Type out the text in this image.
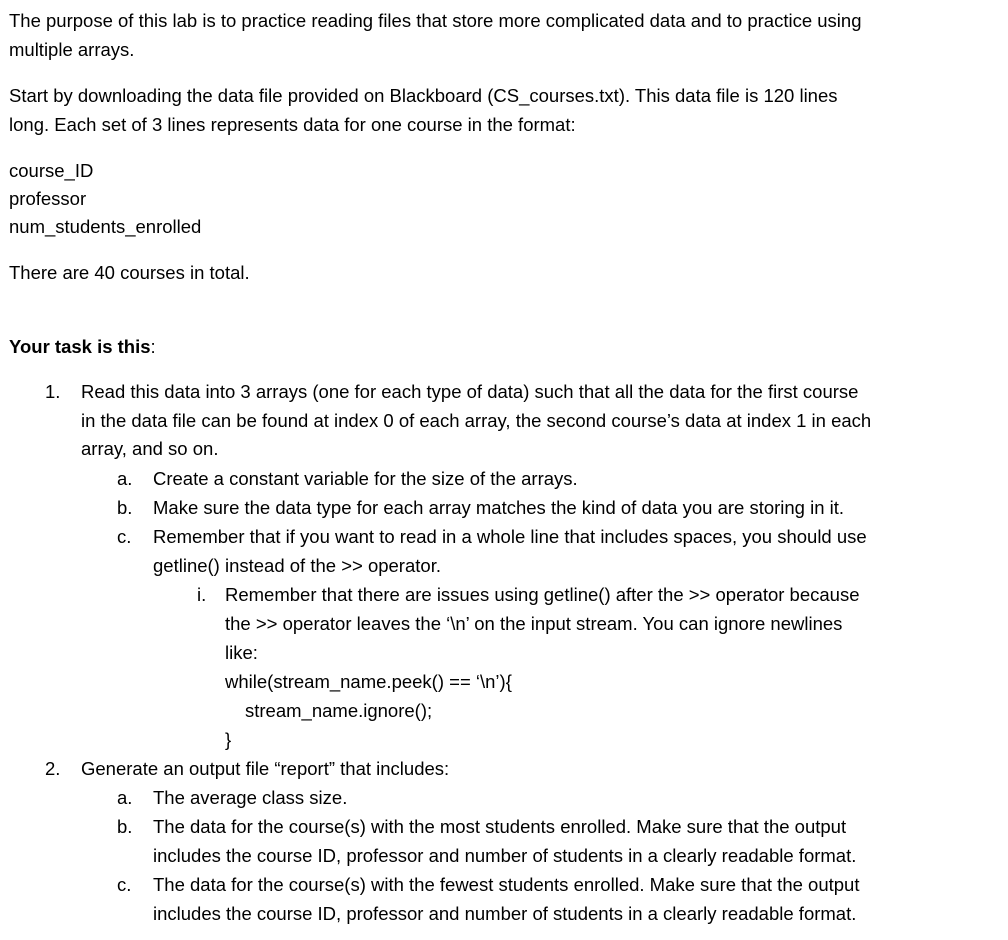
The purpose of this lab is to practice reading files that store more complicated data and to practice using
multiple arrays.
Start by downloading the data file provided on Blackboard (CS_courses.txt). This data file is 120 lines
long. Each set of 3 lines represents data for one course in the format:
course_ID
professor
num_students_enrolled
There are 40 courses in total.
Your task is this:
1. Read this data into 3 arrays (one for each type of data) such that all the data for the first course
in the data file can be found at index 0 of each array, the second course’s data at index 1 in each
array, and so on.
a. Create a constant variable for the size of the arrays.
b. Make sure the data type for each array matches the kind of data you are storing in it.
c. Remember that if you want to read in a whole line that includes spaces, you should use
getline() instead of the >> operator.
i. Remember that there are issues using getline() after the >> operator because
the >> operator leaves the ‘\n’ on the input stream. You can ignore newlines
like:
while(stream_name.peek() == ‘\n’){
stream_name.ignore();
}
2. Generate an output file “report” that includes:
a. The average class size.
b. The data for the course(s) with the most students enrolled. Make sure that the output
includes the course ID, professor and number of students in a clearly readable format.
c. The data for the course(s) with the fewest students enrolled. Make sure that the output
includes the course ID, professor and number of students in a clearly readable format.
